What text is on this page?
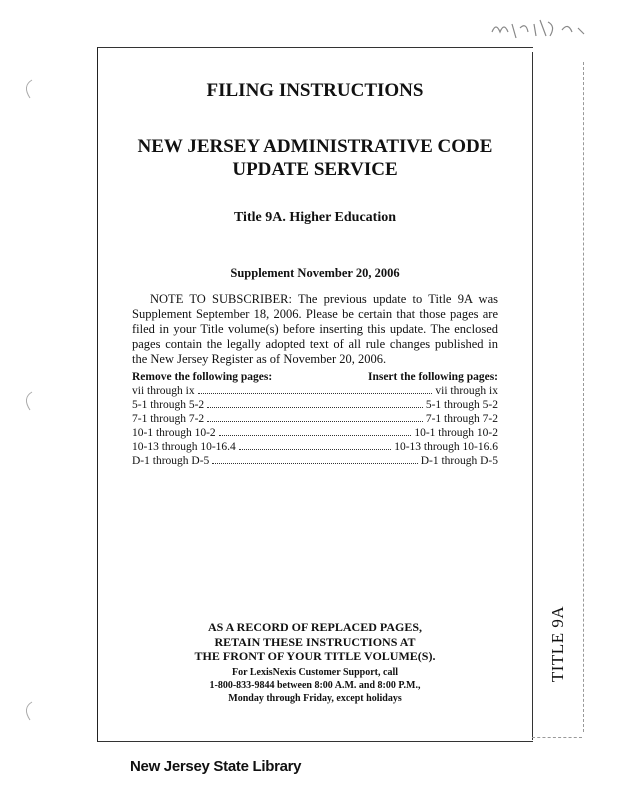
TITLE 9A

FILING INSTRUCTIONS

NEW JERSEY ADMINISTRATIVE CODE
UPDATE SERVICE

Title 9A. Higher Education

Supplement November 20, 2006

NOTE TO SUBSCRIBER: The previous update to Title 9A was Supplement September 18, 2006. Please be certain that those pages are filed in your Title volume(s) before inserting this update. The enclosed pages contain the legally adopted text of all rule changes published in the New Jersey Register as of November 20, 2006.

Remove the following pages:	Insert the following pages:
vii through ix	vii through ix
5-1 through 5-2	5-1 through 5-2
7-1 through 7-2	7-1 through 7-2
10-1 through 10-2	10-1 through 10-2
10-13 through 10-16.4	10-13 through 10-16.6
D-1 through D-5	D-1 through D-5
AS A RECORD OF REPLACED PAGES,
RETAIN THESE INSTRUCTIONS AT
THE FRONT OF YOUR TITLE VOLUME(S).
For LexisNexis Customer Support, call
1-800-833-9844 between 8:00 A.M. and 8:00 P.M.,
Monday through Friday, except holidays
New Jersey State Library
